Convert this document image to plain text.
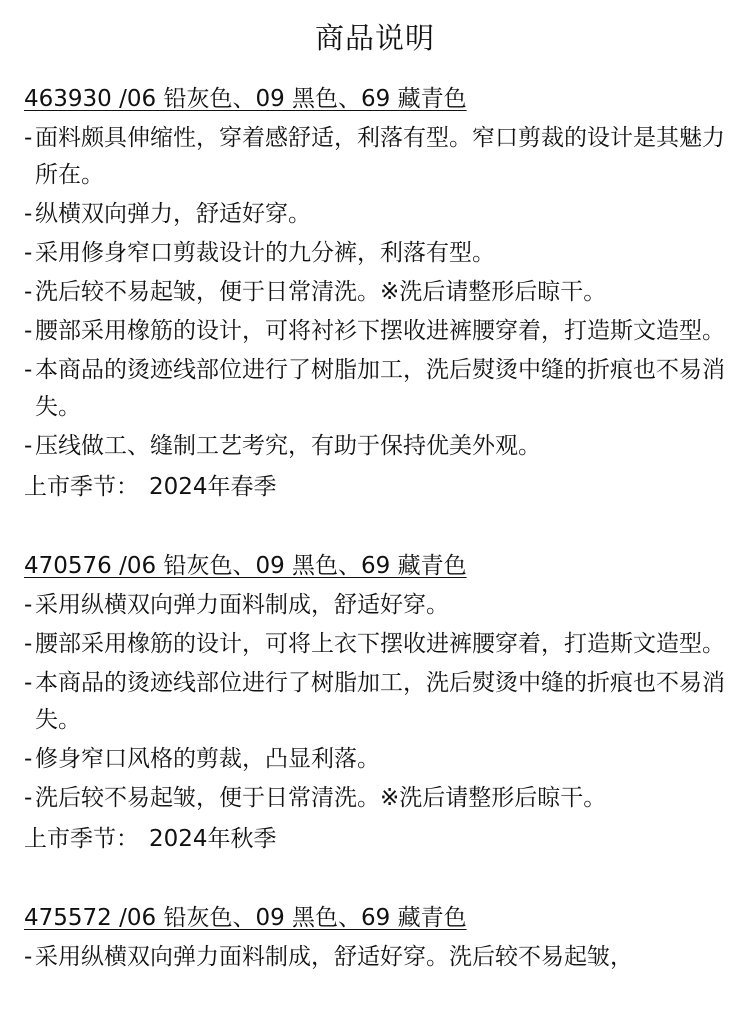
商品说明
463930 /06 铅灰色、09 黑色、69 藏青色
- 面料颇具伸缩性，穿着感舒适，利落有型。窄口剪裁的设计是其魅力所在。
- 纵横双向弹力，舒适好穿。
- 采用修身窄口剪裁设计的九分裤，利落有型。
- 洗后较不易起皱，便于日常清洗。※洗后请整形后晾干。
- 腰部采用橡筋的设计，可将衬衫下摆收进裤腰穿着，打造斯文造型。
- 本商品的烫迹线部位进行了树脂加工，洗后熨烫中缝的折痕也不易消失。
- 压线做工、缝制工艺考究，有助于保持优美外观。
上市季节： 2024年春季
470576 /06 铅灰色、09 黑色、69 藏青色
- 采用纵横双向弹力面料制成，舒适好穿。
- 腰部采用橡筋的设计，可将上衣下摆收进裤腰穿着，打造斯文造型。
- 本商品的烫迹线部位进行了树脂加工，洗后熨烫中缝的折痕也不易消失。
- 修身窄口风格的剪裁，凸显利落。
- 洗后较不易起皱，便于日常清洗。※洗后请整形后晾干。
上市季节： 2024年秋季
475572 /06 铅灰色、09 黑色、69 藏青色
- 采用纵横双向弹力面料制成，舒适好穿。洗后较不易起皱，
